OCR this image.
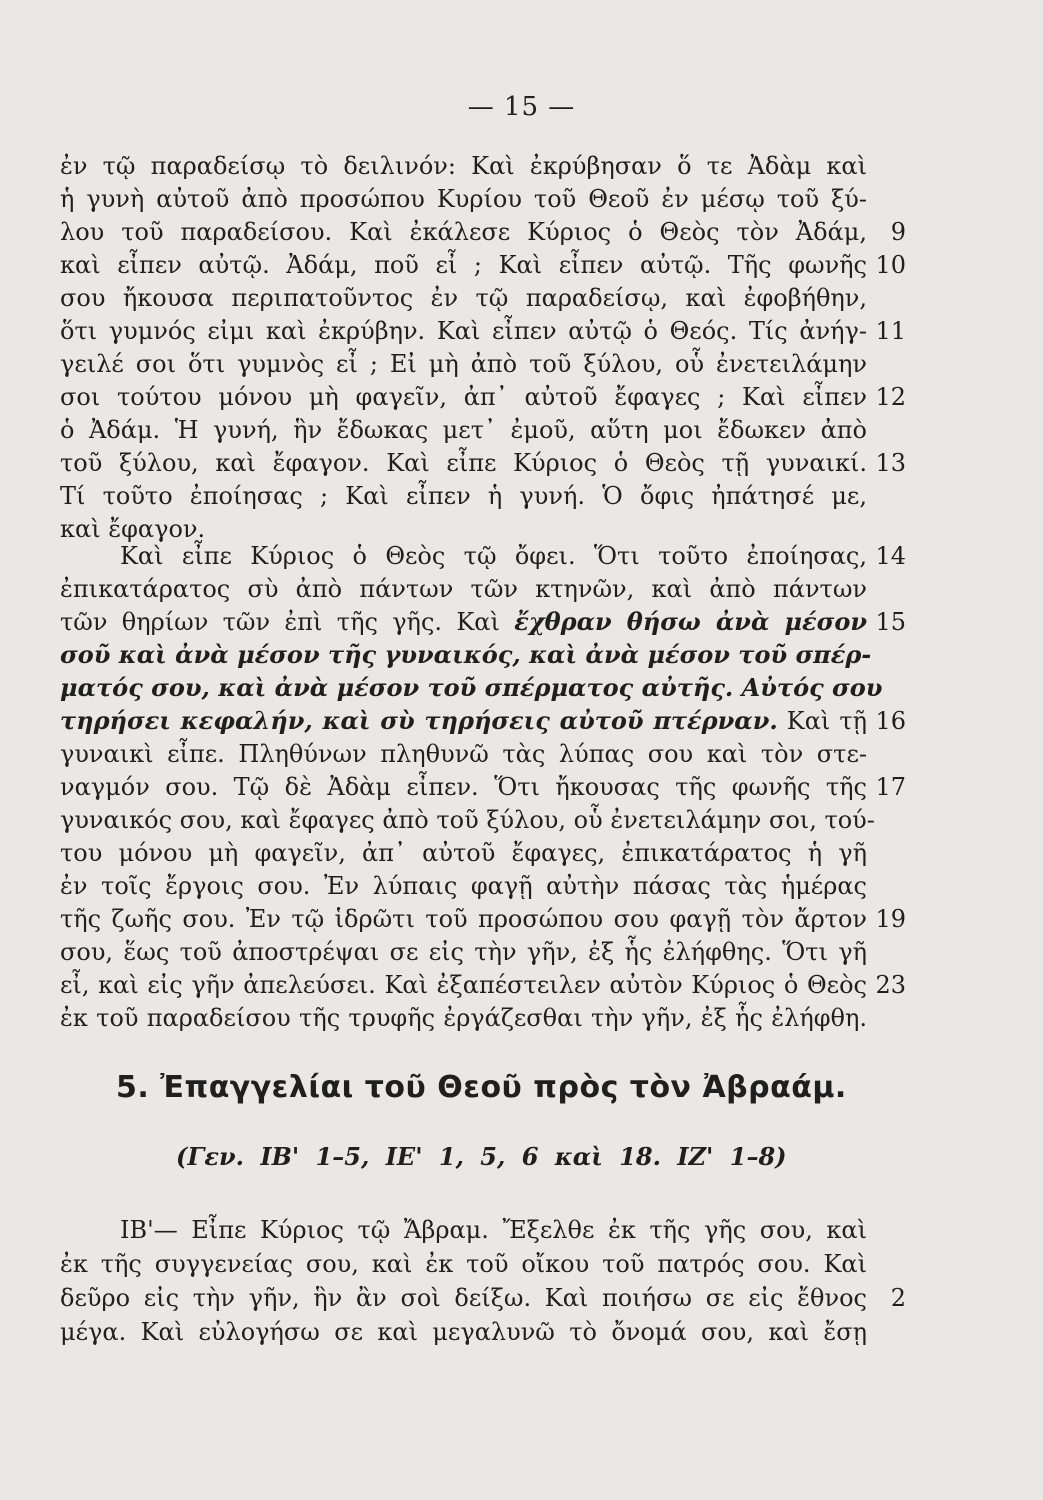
— 15 —
ἐν τῷ παραδείσῳ τὸ δειλινόν: Καὶ ἐκρύβησαν ὅ τε Ἀδὰμ καὶ
ἡ γυνὴ αὐτοῦ ἀπὸ προσώπου Κυρίου τοῦ Θεοῦ ἐν μέσῳ τοῦ ξύ-
λου τοῦ παραδείσου. Καὶ ἐκάλεσε Κύριος ὁ Θεὸς τὸν Ἀδάμ, 9
καὶ εἶπεν αὐτῷ. Ἀδάμ, ποῦ εἶ ; Καὶ εἶπεν αὐτῷ. Τῆς φωνῆς 10
σου ἤκουσα περιπατοῦντος ἐν τῷ παραδείσῳ, καὶ ἐφοβήθην,
ὅτι γυμνός εἰμι καὶ ἐκρύβην. Καὶ εἶπεν αὐτῷ ὁ Θεός. Τίς ἀνήγ- 11
γειλέ σοι ὅτι γυμνὸς εἶ ; Εἰ μὴ ἀπὸ τοῦ ξύλου, οὗ ἐνετειλάμην
σοι τούτου μόνου μὴ φαγεῖν, ἀπ᾽ αὐτοῦ ἔφαγες ; Καὶ εἶπεν 12
ὁ Ἀδάμ. Ἡ γυνή, ἣν ἔδωκας μετ᾽ ἐμοῦ, αὕτη μοι ἔδωκεν ἀπὸ
τοῦ ξύλου, καὶ ἔφαγον. Καὶ εἶπε Κύριος ὁ Θεὸς τῇ γυναικί. 13
Τί τοῦτο ἐποίησας ; Καὶ εἶπεν ἡ γυνή. Ὁ ὄφις ἠπάτησέ με,
καὶ ἔφαγον.
Καὶ εἶπε Κύριος ὁ Θεὸς τῷ ὄφει. Ὅτι τοῦτο ἐποίησας, 14
ἐπικατάρατος σὺ ἀπὸ πάντων τῶν κτηνῶν, καὶ ἀπὸ πάντων
τῶν θηρίων τῶν ἐπὶ τῆς γῆς. Καὶ ἔχθραν θήσω ἀνὰ μέσον 15
σοῦ καὶ ἀνὰ μέσον τῆς γυναικός, καὶ ἀνὰ μέσον τοῦ σπέρ-
ματός σου, καὶ ἀνὰ μέσον τοῦ σπέρματος αὐτῆς. Αὐτός σου
τηρήσει κεφαλήν, καὶ σὺ τηρήσεις αὐτοῦ πτέρναν. Καὶ τῇ 16
γυναικὶ εἶπε. Πληθύνων πληθυνῶ τὰς λύπας σου καὶ τὸν στε-
ναγμόν σου. Τῷ δὲ Ἀδὰμ εἶπεν. Ὅτι ἤκουσας τῆς φωνῆς τῆς 17
γυναικός σου, καὶ ἔφαγες ἀπὸ τοῦ ξύλου, οὗ ἐνετειλάμην σοι, τού-
του μόνου μὴ φαγεῖν, ἀπ᾽ αὐτοῦ ἔφαγες, ἐπικατάρατος ἡ γῆ
ἐν τοῖς ἔργοις σου. Ἐν λύπαις φαγῇ αὐτὴν πάσας τὰς ἡμέρας
τῆς ζωῆς σου. Ἐν τῷ ἱδρῶτι τοῦ προσώπου σου φαγῇ τὸν ἄρτον 19
σου, ἕως τοῦ ἀποστρέψαι σε εἰς τὴν γῆν, ἐξ ἧς ἐλήφθης. Ὅτι γῆ
εἶ, καὶ εἰς γῆν ἀπελεύσει. Καὶ ἐξαπέστειλεν αὐτὸν Κύριος ὁ Θεὸς 23
ἐκ τοῦ παραδείσου τῆς τρυφῆς ἐργάζεσθαι τὴν γῆν, ἐξ ἧς ἐλήφθη.
5. Ἐπαγγελίαι τοῦ Θεοῦ πρὸς τὸν Ἀβραάμ.
(Γεν. ΙΒ' 1–5, ΙΕ' 1, 5, 6 καὶ 18. ΙΖ' 1–8)
ΙΒ'— Εἶπε Κύριος τῷ Ἄβραμ. Ἔξελθε ἐκ τῆς γῆς σου, καὶ
ἐκ τῆς συγγενείας σου, καὶ ἐκ τοῦ οἴκου τοῦ πατρός σου. Καὶ
δεῦρο εἰς τὴν γῆν, ἣν ἂν σοὶ δείξω. Καὶ ποιήσω σε εἰς ἔθνος 2
μέγα. Καὶ εὐλογήσω σε καὶ μεγαλυνῶ τὸ ὄνομά σου, καὶ ἔσῃ
